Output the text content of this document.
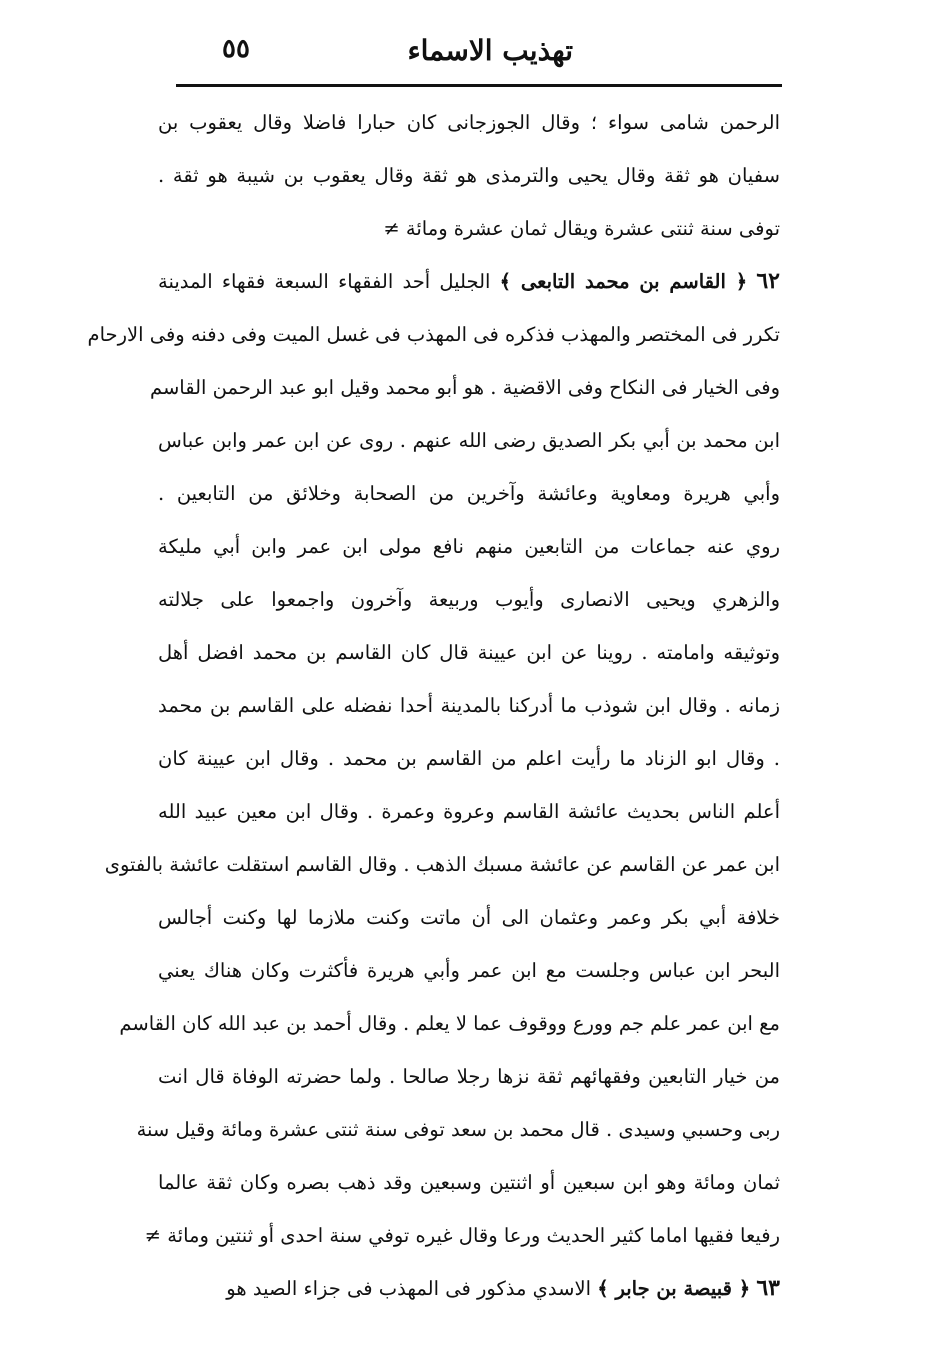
تهذيب الاسماء
٥٥
الرحمن شامى سواء ؛ وقال الجوزجانى كان حبارا فاضلا وقال يعقوب بن
سفيان هو ثقة وقال يحيى والترمذى هو ثقة وقال يعقوب بن شيبة هو ثقة .
توفى سنة ثنتى عشرة ويقال ثمان عشرة ومائة ≠
٦٢ ﴿ القاسم بن محمد التابعى ﴾ الجليل أحد الفقهاء السبعة فقهاء المدينة
تكرر فى المختصر والمهذب فذكره فى المهذب فى غسل الميت وفى دفنه وفى الارحام
وفى الخيار فى النكاح وفى الاقضية . هو أبو محمد وقيل ابو عبد الرحمن القاسم
ابن محمد بن أبي بكر الصديق رضى الله عنهم . روى عن ابن عمر وابن عباس
وأبي هريرة ومعاوية وعائشة وآخرين من الصحابة وخلائق من التابعين .
روي عنه جماعات من التابعين منهم نافع مولى ابن عمر وابن أبي مليكة
والزهري ويحيى الانصارى وأيوب وربيعة وآخرون واجمعوا على جلالته
وتوثيقه وامامته . روينا عن ابن عيينة قال كان القاسم بن محمد افضل أهل
زمانه . وقال ابن شوذب ما أدركنا بالمدينة أحدا نفضله على القاسم بن محمد
. وقال ابو الزناد ما رأيت اعلم من القاسم بن محمد . وقال ابن عيينة كان
أعلم الناس بحديث عائشة القاسم وعروة وعمرة . وقال ابن معين عبيد الله
ابن عمر عن القاسم عن عائشة مسبك الذهب . وقال القاسم استقلت عائشة بالفتوى
خلافة أبي بكر وعمر وعثمان الى أن ماتت وكنت ملازما لها وكنت أجالس
البحر ابن عباس وجلست مع ابن عمر وأبي هريرة فأكثرت وكان هناك يعني
مع ابن عمر علم جم وورع ووقوف عما لا يعلم . وقال أحمد بن عبد الله كان القاسم
من خيار التابعين وفقهائهم ثقة نزها رجلا صالحا . ولما حضرته الوفاة قال انت
ربى وحسبي وسيدى . قال محمد بن سعد توفى سنة ثنتى عشرة ومائة وقيل سنة
ثمان ومائة وهو ابن سبعين أو اثنتين وسبعين وقد ذهب بصره وكان ثقة عالما
رفيعا فقيها اماما كثير الحديث ورعا وقال غيره توفي سنة احدى أو ثنتين ومائة ≠
٦٣ ﴿ قبيصة بن جابر ﴾ الاسدي مذكور فى المهذب فى جزاء الصيد هو
